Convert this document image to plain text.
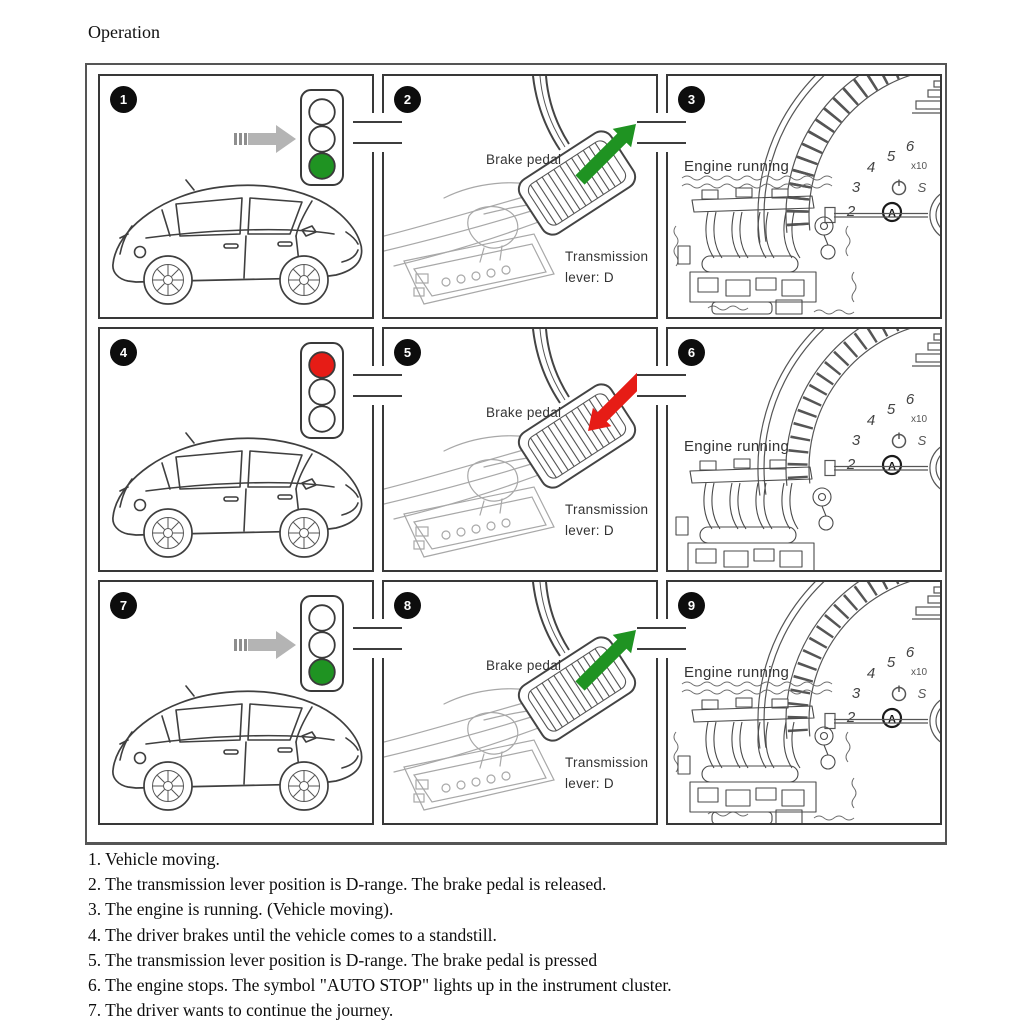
Operation
1	2
Brake pedal
Transmission
lever: D
3
Engine running
2
3
4
5
6
x10
S
A
4	5
Brake pedal
Transmission
lever: D
6
Engine running
2
3
4
5
6
x10
S
A
7	8
Brake pedal
Transmission
lever: D
9
Engine running
2
3
4
5
6
x10
S
A
1. Vehicle moving.
2. The transmission lever position is D-range. The brake pedal is released.
3. The engine is running. (Vehicle moving).
4. The driver brakes until the vehicle comes to a standstill.
5. The transmission lever position is D-range. The brake pedal is pressed
6. The engine stops. The symbol "AUTO STOP" lights up in the instrument cluster.
7. The driver wants to continue the journey.
